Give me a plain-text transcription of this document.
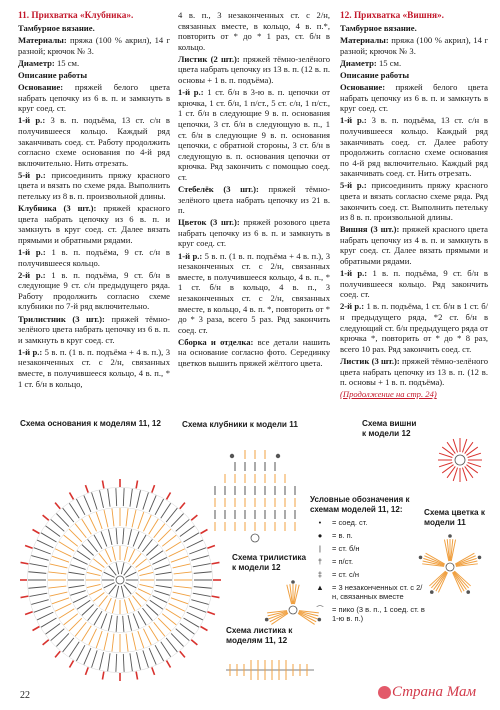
11. Прихватка «Клубника».

Тамбурное вязание.

Материалы: пряжа (100 % акрил), 14 г разной; крючок № 3.

Диаметр: 15 см.

Описание работы

Основание: пряжей белого цвета набрать цепочку из 6 в. п. и замкнуть в круг соед. ст.

1-й р.: 3 в. п. подъёма, 13 ст. с/н в получившееся кольцо. Каждый ряд заканчивать соед. ст. Работу продолжить согласно схеме основания по 4-й ряд включительно. Нить отрезать.

5-й р.: присоединить пряжу красного цвета и вязать по схеме ряда. Выполнить петельку из 8 в. п. произвольной длины.

Клубника (3 шт.): пряжей красного цвета набрать цепочку из 6 в. п. и замкнуть в круг соед. ст. Далее вязать прямыми и обратными рядами.

1-й р.: 1 в. п. подъёма, 9 ст. с/н в получившееся кольцо.

2-й р.: 1 в. п. подъёма, 9 ст. б/н в следующие 9 ст. с/н предыдущего ряда. Работу продолжить согласно схеме клубники по 7-й ряд включительно.

Трилистник (3 шт.): пряжей тёмно-зелёного цвета набрать цепочку из 6 в. п. и замкнуть в круг соед. ст.

1-й р.: 5 в. п. (1 в. п. подъёма + 4 в. п.), 3 незаконченных ст. с 2/н, связанных вместе, в получившееся кольцо, 4 в. п., * 1 ст. б/н в кольцо,

4 в. п., 3 незаконченных ст. с 2/н, связанных вместе, в кольцо, 4 в. п.*, повторить от * до * 1 раз, ст. б/н в кольцо.

Листик (2 шт.): пряжей тёмно-зелёного цвета набрать цепочку из 13 в. п. (12 в. п. основы + 1 в. п. подъёма).

1-й р.: 1 ст. б/н в 3-ю в. п. цепочки от крючка, 1 ст. б/н, 1 п/ст., 5 ст. с/н, 1 п/ст., 1 ст. б/н в следующие 9 в. п. основания цепочки, 3 ст. б/н в следующую в. п., 1 ст. б/н в следующие 9 в. п. основания цепочки, с обратной стороны, 3 ст. б/н в следующую в. п. основания цепочки от крючка. Ряд закончить с помощью соед. ст.

Стебелёк (3 шт.): пряжей тёмно-зелёного цвета набрать цепочку из 21 в. п.

Цветок (3 шт.): пряжей розового цвета набрать цепочку из 6 в. п. и замкнуть в круг соед. ст.

1-й р.: 5 в. п. (1 в. п. подъёма + 4 в. п.), 3 незаконченных ст. с 2/н, связанных вместе, в получившееся кольцо, 4 в. п., * 1 ст. б/н в кольцо, 4 в. п., 3 незаконченных ст. с 2/н, связанных вместе, в кольцо, 4 в. п. *, повторить от * до * 3 раза, всего 5 раз. Ряд закончить соед. ст.

Сборка и отделка: все детали нашить на основание согласно фото. Серединку цветков вышить пряжей жёлтого цвета.

12. Прихватка «Вишня».

Тамбурное вязание.

Материалы: пряжа (100 % акрил), 14 г разной; крючок № 3.

Диаметр: 15 см.

Описание работы

Основание: пряжей белого цвета набрать цепочку из 6 в. п. и замкнуть в круг соед. ст.

1-й р.: 3 в. п. подъёма, 13 ст. с/н в получившееся кольцо. Каждый ряд заканчивать соед. ст. Далее работу продолжить согласно схеме основания по 4-й ряд включительно. Каждый ряд заканчивать соед. ст. Нить отрезать.

5-й р.: присоединить пряжу красного цвета и вязать согласно схеме ряда. Ряд закончить соед. ст. Выполнить петельку из 8 в. п. произвольной длины.

Вишня (3 шт.): пряжей красного цвета набрать цепочку из 4 в. п. и замкнуть в круг соед. ст. Далее вязать прямыми и обратными рядами.

1-й р.: 1 в. п. подъёма, 9 ст. б/н в получившееся кольцо. Ряд закончить соед. ст.

2-й р.: 1 в. п. подъёма, 1 ст. б/н в 1 ст. б/н предыдущего ряда, *2 ст. б/н в следующий ст. б/н предыдущего ряда от крючка *, повторить от * до * 8 раз, всего 10 раз. Ряд закончить соед. ст.

Листик (3 шт.): пряжей тёмно-зелёного цвета набрать цепочку из 13 в. п. (12 в. п. основы + 1 в. п. подъёма).

(Продолжение на стр. 24)

Схема основания к моделям 11, 12	Схема клубники к модели 11
Схема трилистика к модели 12
Схема листика к моделям 11, 12
Схема вишни к модели 12
Схема цветка к модели 11
Условные обозначения к схемам моделей 11, 12:
•	= соед. ст.
●	= в. п.
|	= ст. б/н
†	= п/ст.
‡	= ст. с/н
▲	= 3 незаконченных ст. с 2/н, связанных вместе
⌒	= пико (3 в. п., 1 соед. ст. в 1-ю в. п.)
22	Страна Мам
